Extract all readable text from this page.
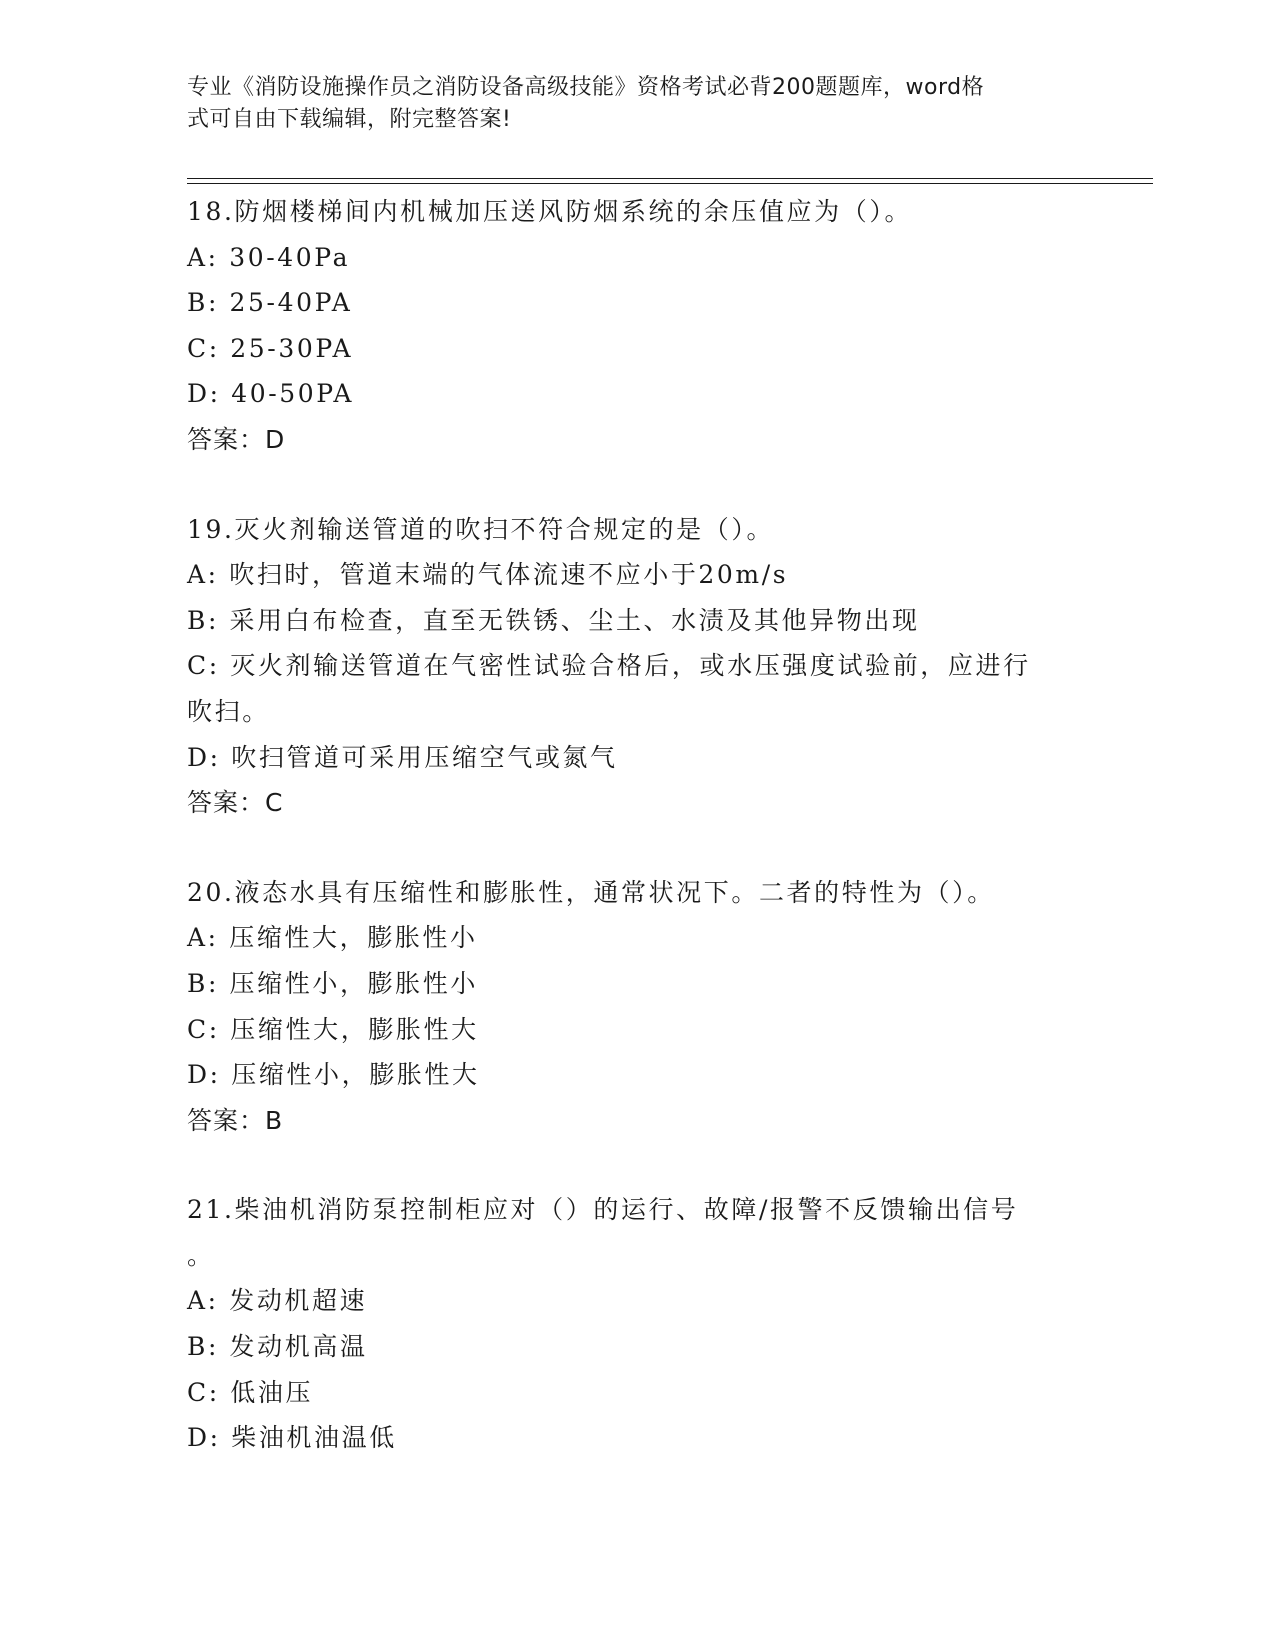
专业《消防设施操作员之消防设备高级技能》资格考试必背200题题库，word格
式可自由下载编辑，附完整答案!
18.防烟楼梯间内机械加压送风防烟系统的余压值应为（）。
A: 30-40Pa
B: 25-40PA
C: 25-30PA
D: 40-50PA
答案：D
19.灭火剂输送管道的吹扫不符合规定的是（）。
A: 吹扫时，管道末端的气体流速不应小于20m/s
B: 采用白布检查，直至无铁锈、尘土、水渍及其他异物出现
C: 灭火剂输送管道在气密性试验合格后，或水压强度试验前，应进行
吹扫。
D: 吹扫管道可采用压缩空气或氮气
答案：C
20.液态水具有压缩性和膨胀性，通常状况下。二者的特性为（）。
A: 压缩性大，膨胀性小
B: 压缩性小，膨胀性小
C: 压缩性大，膨胀性大
D: 压缩性小，膨胀性大
答案：B
21.柴油机消防泵控制柜应对（）的运行、故障/报警不反馈输出信号
。
A: 发动机超速
B: 发动机高温
C: 低油压
D: 柴油机油温低
